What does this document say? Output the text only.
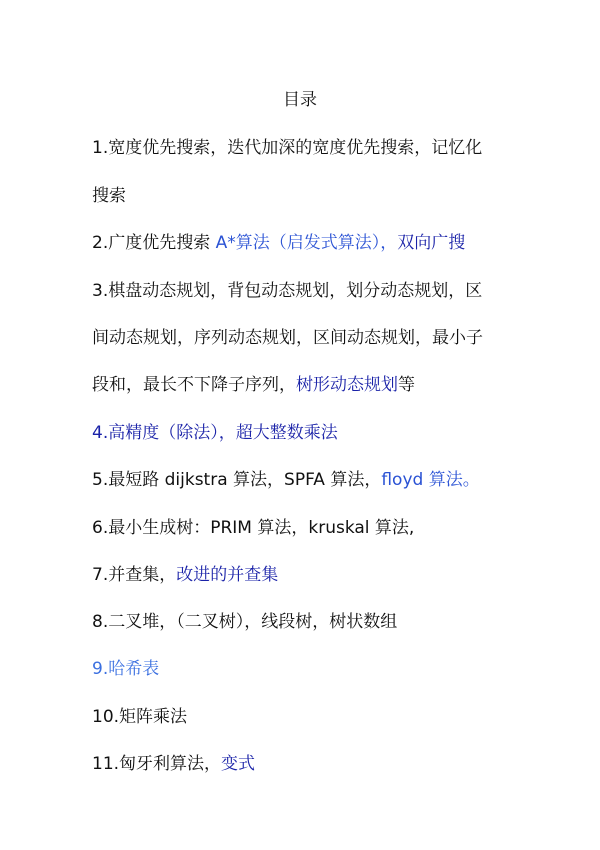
目录
1.宽度优先搜索，迭代加深的宽度优先搜索，记忆化
搜索
2.广度优先搜索 A*算法（启发式算法），双向广搜
3.棋盘动态规划，背包动态规划，划分动态规划，区
间动态规划，序列动态规划，区间动态规划，最小子
段和，最长不下降子序列，树形动态规划等
4.高精度（除法），超大整数乘法
5.最短路 dijkstra 算法，SPFA 算法，floyd 算法。
6.最小生成树：PRIM 算法，kruskal 算法,
7.并查集，改进的并查集
8.二叉堆，（二叉树），线段树，树状数组
9.哈希表
10.矩阵乘法
11.匈牙利算法，变式
